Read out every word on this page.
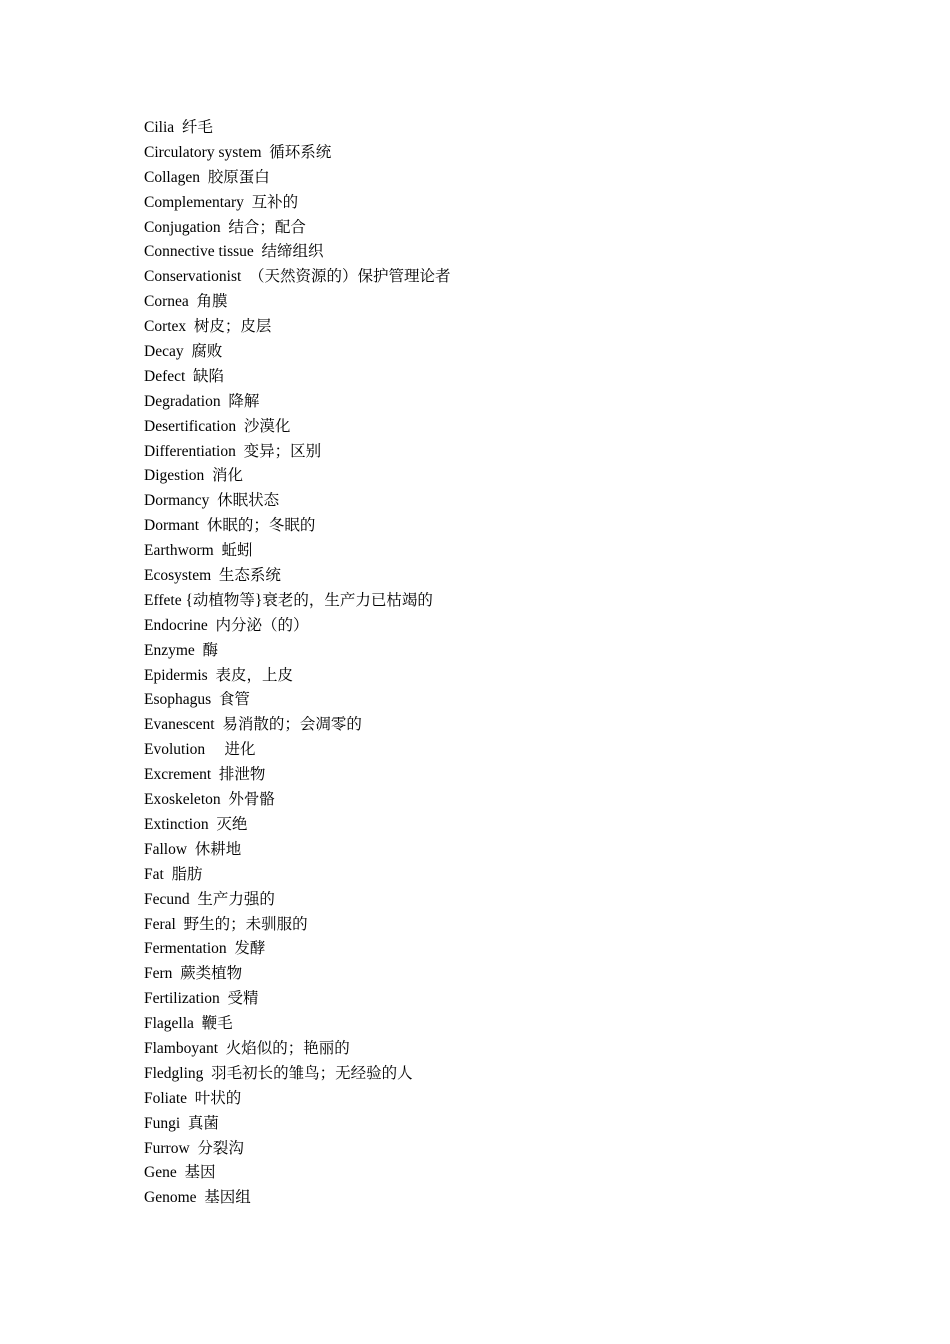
Cilia  纤毛
Circulatory system  循环系统
Collagen  胶原蛋白
Complementary  互补的
Conjugation  结合；配合
Connective tissue  结缔组织
Conservationist  （天然资源的）保护管理论者
Cornea  角膜
Cortex  树皮；皮层
Decay  腐败
Defect  缺陷
Degradation  降解
Desertification  沙漠化
Differentiation  变异；区别
Digestion  消化
Dormancy  休眠状态
Dormant  休眠的；冬眠的
Earthworm  蚯蚓
Ecosystem  生态系统
Effete {动植物等}衰老的，生产力已枯竭的
Endocrine  内分泌（的）
Enzyme  酶
Epidermis  表皮，上皮
Esophagus  食管
Evanescent  易消散的；会凋零的
Evolution     进化
Excrement  排泄物
Exoskeleton  外骨骼
Extinction  灭绝
Fallow  休耕地
Fat  脂肪
Fecund  生产力强的
Feral  野生的；未驯服的
Fermentation  发酵
Fern  蕨类植物
Fertilization  受精
Flagella  鞭毛
Flamboyant  火焰似的；艳丽的
Fledgling  羽毛初长的雏鸟；无经验的人
Foliate  叶状的
Fungi  真菌
Furrow  分裂沟
Gene  基因
Genome  基因组
